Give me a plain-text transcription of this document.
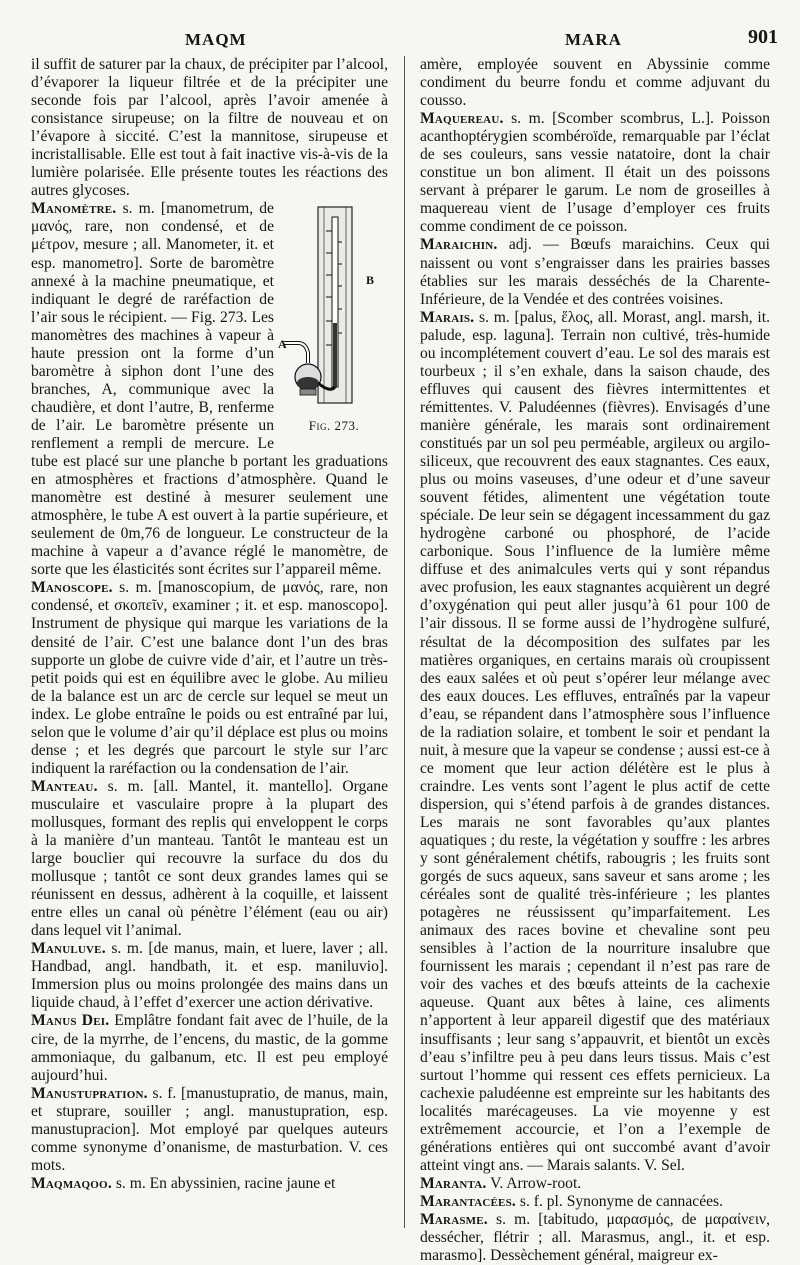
MAQM	MARA	901

il suffit de saturer par la chaux, de précipiter par l’alcool, d’évaporer la liqueur filtrée et de la précipiter une seconde fois par l’alcool, après l’avoir amenée à consistance sirupeuse; on la filtre de nouveau et on l’évapore à siccité. C’est la mannitose, sirupeuse et incristallisable. Elle est tout à fait inactive vis-à-vis de la lumière polarisée. Elle présente toutes les réactions des autres glycoses.

A
B
Fig. 273.
Manomètre. s. m. [manometrum, de μανός, rare, non condensé, et de μέτρον, mesure ; all. Manometer, it. et esp. manometro]. Sorte de baromètre annexé à la machine pneumatique, et indiquant le degré de raréfaction de l’air sous le récipient. — Fig. 273. Les manomètres des machines à vapeur à haute pression ont la forme d’un baromètre à siphon dont l’une des branches, A, communique avec la chaudière, et dont l’autre, B, renferme de l’air. Le baromètre présente un renflement a rempli de mercure. Le tube est placé sur une planche b portant les graduations en atmosphères et fractions d’atmosphère. Quand le manomètre est destiné à mesurer seulement une atmosphère, le tube A est ouvert à la partie supérieure, et seulement de 0m,76 de longueur. Le constructeur de la machine à vapeur a d’avance réglé le manomètre, de sorte que les élasticités sont écrites sur l’appareil même.

Manoscope. s. m. [manoscopium, de μανός, rare, non condensé, et σκοπεῖν, examiner ; it. et esp. manoscopo]. Instrument de physique qui marque les variations de la densité de l’air. C’est une balance dont l’un des bras supporte un globe de cuivre vide d’air, et l’autre un très-petit poids qui est en équilibre avec le globe. Au milieu de la balance est un arc de cercle sur lequel se meut un index. Le globe entraîne le poids ou est entraîné par lui, selon que le volume d’air qu’il déplace est plus ou moins dense ; et les degrés que parcourt le style sur l’arc indiquent la raréfaction ou la condensation de l’air.

Manteau. s. m. [all. Mantel, it. mantello]. Organe musculaire et vasculaire propre à la plupart des mollusques, formant des replis qui enveloppent le corps à la manière d’un manteau. Tantôt le manteau est un large bouclier qui recouvre la surface du dos du mollusque ; tantôt ce sont deux grandes lames qui se réunissent en dessus, adhèrent à la coquille, et laissent entre elles un canal où pénètre l’élément (eau ou air) dans lequel vit l’animal.

Manuluve. s. m. [de manus, main, et luere, laver ; all. Handbad, angl. handbath, it. et esp. maniluvio]. Immersion plus ou moins prolongée des mains dans un liquide chaud, à l’effet d’exercer une action dérivative.

Manus Dei. Emplâtre fondant fait avec de l’huile, de la cire, de la myrrhe, de l’encens, du mastic, de la gomme ammoniaque, du galbanum, etc. Il est peu employé aujourd’hui.

Manustupration. s. f. [manustupratio, de manus, main, et stuprare, souiller ; angl. manustupration, esp. manustupracion]. Mot employé par quelques auteurs comme synonyme d’onanisme, de masturbation. V. ces mots.

Maqmaqoo. s. m. En abyssinien, racine jaune et

amère, employée souvent en Abyssinie comme condiment du beurre fondu et comme adjuvant du cousso.

Maquereau. s. m. [Scomber scombrus, L.]. Poisson acanthoptérygien scombéroïde, remarquable par l’éclat de ses couleurs, sans vessie natatoire, dont la chair constitue un bon aliment. Il était un des poissons servant à préparer le garum. Le nom de groseilles à maquereau vient de l’usage d’employer ces fruits comme condiment de ce poisson.

Maraichin. adj. — Bœufs maraichins. Ceux qui naissent ou vont s’engraisser dans les prairies basses établies sur les marais desséchés de la Charente-Inférieure, de la Vendée et des contrées voisines.

Marais. s. m. [palus, ἕλος, all. Morast, angl. marsh, it. palude, esp. laguna]. Terrain non cultivé, très-humide ou incomplétement couvert d’eau. Le sol des marais est tourbeux ; il s’en exhale, dans la saison chaude, des effluves qui causent des fièvres intermittentes et rémittentes. V. Paludéennes (fièvres). Envisagés d’une manière générale, les marais sont ordinairement constitués par un sol peu perméable, argileux ou argilo-siliceux, que recouvrent des eaux stagnantes. Ces eaux, plus ou moins vaseuses, d’une odeur et d’une saveur souvent fétides, alimentent une végétation toute spéciale. De leur sein se dégagent incessamment du gaz hydrogène carboné ou phosphoré, de l’acide carbonique. Sous l’influence de la lumière même diffuse et des animalcules verts qui y sont répandus avec profusion, les eaux stagnantes acquièrent un degré d’oxygénation qui peut aller jusqu’à 61 pour 100 de l’air dissous. Il se forme aussi de l’hydrogène sulfuré, résultat de la décomposition des sulfates par les matières organiques, en certains marais où croupissent des eaux salées et où peut s’opérer leur mélange avec des eaux douces. Les effluves, entraînés par la vapeur d’eau, se répandent dans l’atmosphère sous l’influence de la radiation solaire, et tombent le soir et pendant la nuit, à mesure que la vapeur se condense ; aussi est-ce à ce moment que leur action délétère est le plus à craindre. Les vents sont l’agent le plus actif de cette dispersion, qui s’étend parfois à de grandes distances. Les marais ne sont favorables qu’aux plantes aquatiques ; du reste, la végétation y souffre : les arbres y sont généralement chétifs, rabougris ; les fruits sont gorgés de sucs aqueux, sans saveur et sans arome ; les céréales sont de qualité très-inférieure ; les plantes potagères ne réussissent qu’imparfaitement. Les animaux des races bovine et chevaline sont peu sensibles à l’action de la nourriture insalubre que fournissent les marais ; cependant il n’est pas rare de voir des vaches et des bœufs atteints de la cachexie aqueuse. Quant aux bêtes à laine, ces aliments n’apportent à leur appareil digestif que des matériaux insuffisants ; leur sang s’appauvrit, et bientôt un excès d’eau s’infiltre peu à peu dans leurs tissus. Mais c’est surtout l’homme qui ressent ces effets pernicieux. La cachexie paludéenne est empreinte sur les habitants des localités marécageuses. La vie moyenne y est extrêmement accourcie, et l’on a l’exemple de générations entières qui ont succombé avant d’avoir atteint vingt ans. — Marais salants. V. Sel.

Maranta. V. Arrow-root.

Marantacées. s. f. pl. Synonyme de cannacées.

Marasme. s. m. [tabitudo, μαρασμός, de μαραίνειν, dessécher, flétrir ; all. Marasmus, angl., it. et esp. marasmo]. Dessèchement général, maigreur ex-
